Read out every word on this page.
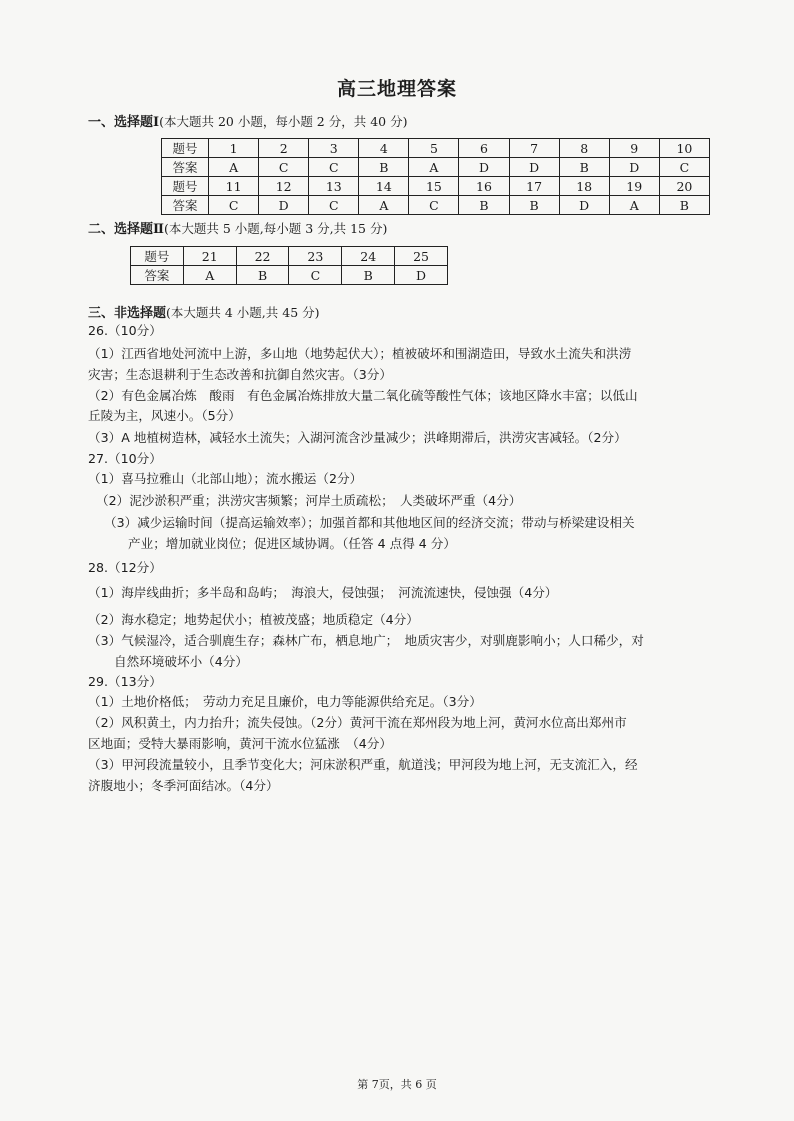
高三地理答案
一、选择题Ⅰ(本大题共 20 小题，每小题 2 分，共 40 分)
题号	1	2	3	4	5	6	7	8	9	10
答案	A	C	C	B	A	D	D	B	D	C
题号	11	12	13	14	15	16	17	18	19	20
答案	C	D	C	A	C	B	B	D	A	B
二、选择题Ⅱ(本大题共 5 小题,每小题 3 分,共 15 分)
题号	21	22	23	24	25
答案	A	B	C	B	D
三、非选择题(本大题共 4 小题,共 45 分)
26.（10分）
（1）江西省地处河流中上游，多山地（地势起伏大）；植被破坏和围湖造田，导致水土流失和洪涝
灾害；生态退耕利于生态改善和抗御自然灾害。（3分）
（2）有色金属冶炼　酸雨　有色金属冶炼排放大量二氧化硫等酸性气体；该地区降水丰富；以低山
丘陵为主，风速小。（5分）
（3）A 地植树造林，减轻水土流失；入湖河流含沙量减少；洪峰期滞后，洪涝灾害减轻。（2分）
27.（10分）
（1）喜马拉雅山（北部山地）；流水搬运（2分）
（2）泥沙淤积严重；洪涝灾害频繁；河岸土质疏松；　人类破坏严重（4分）
（3）减少运输时间（提高运输效率）；加强首都和其他地区间的经济交流；带动与桥梁建设相关
产业；增加就业岗位；促进区域协调。（任答 4 点得 4 分）
28.（12分）
（1）海岸线曲折；多半岛和岛屿；　海浪大，侵蚀强；　河流流速快，侵蚀强（4分）
（2）海水稳定；地势起伏小；植被茂盛；地质稳定（4分）
（3）气候湿冷，适合驯鹿生存；森林广布，栖息地广；　地质灾害少，对驯鹿影响小；人口稀少，对
自然环境破坏小（4分）
29.（13分）
（1）土地价格低；　劳动力充足且廉价，电力等能源供给充足。（3分）
（2）风积黄土，内力抬升；流失侵蚀。（2分）黄河干流在郑州段为地上河，黄河水位高出郑州市
区地面；受特大暴雨影响，黄河干流水位猛涨　（4分）
（3）甲河段流量较小，且季节变化大；河床淤积严重，航道浅；甲河段为地上河，无支流汇入，经
济腹地小；冬季河面结冰。（4分）
第 7页，共 6 页
